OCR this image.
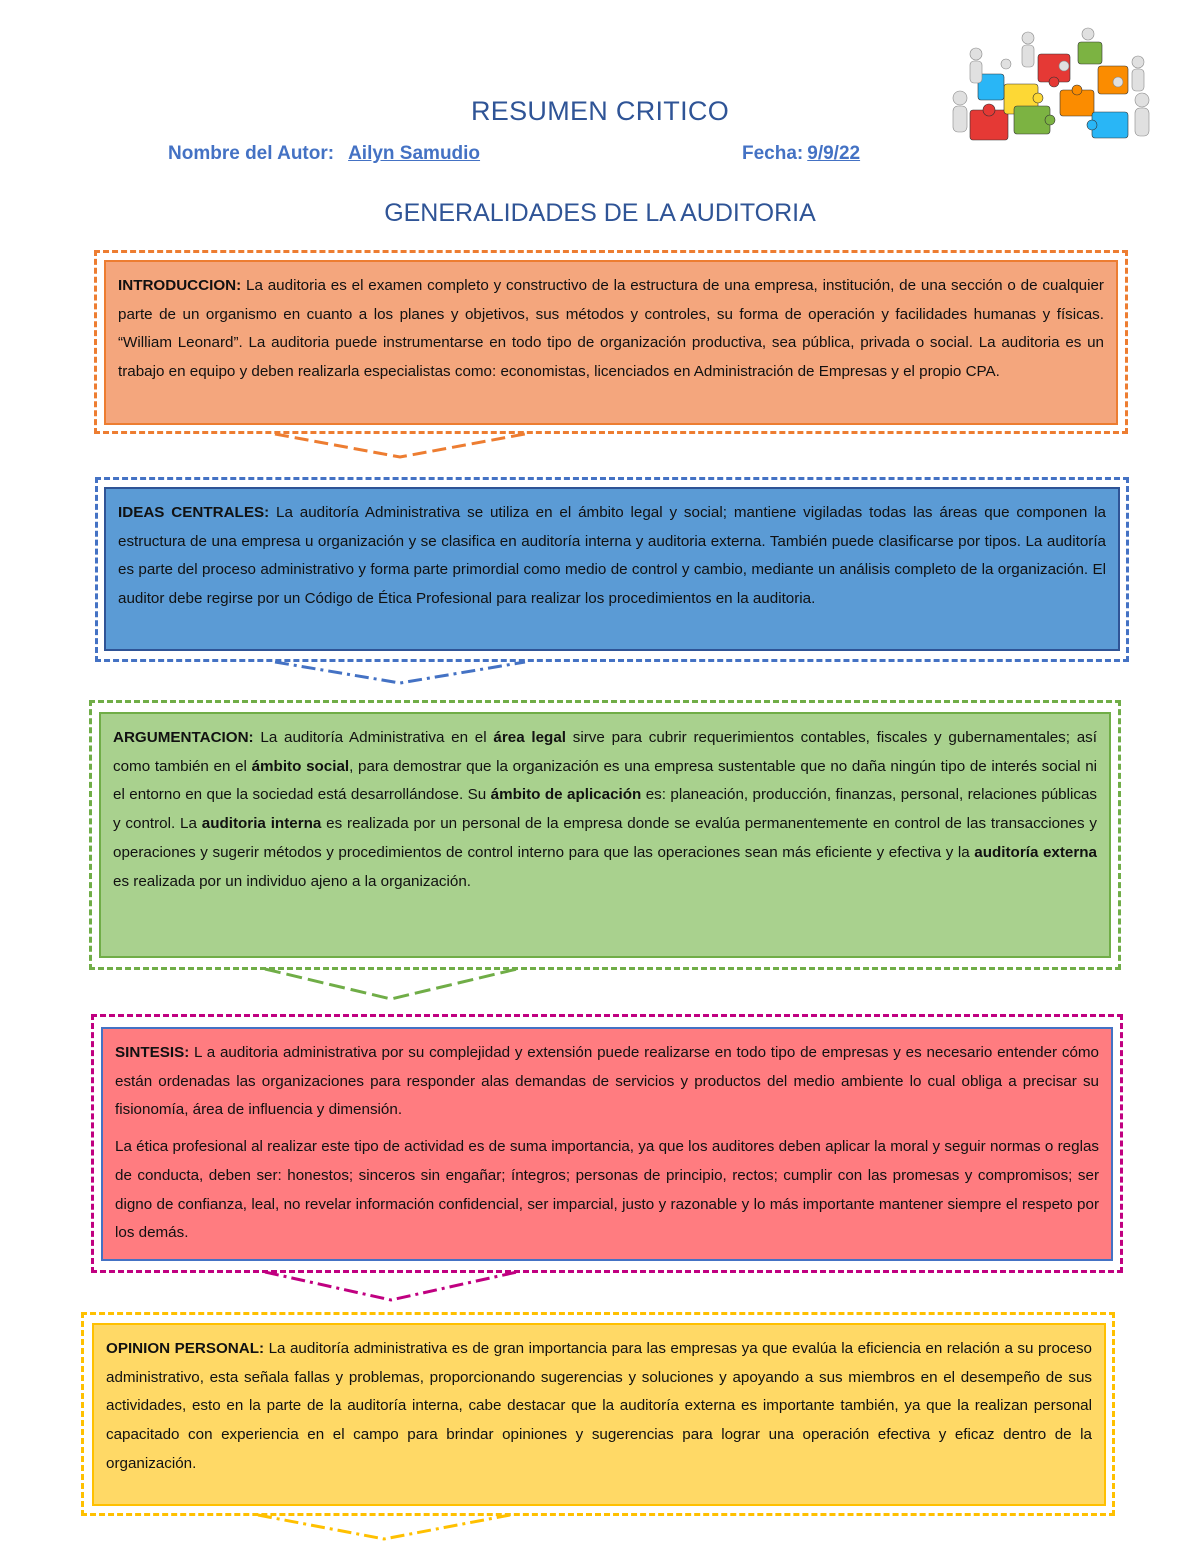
RESUMEN CRITICO
Nombre del Autor: Ailyn Samudio	Fecha: 9/9/22
GENERALIDADES DE LA AUDITORIA

INTRODUCCION: La auditoria es el examen completo y constructivo de la estructura de una empresa, institución, de una sección o de cualquier parte de un organismo en cuanto a los planes y objetivos, sus métodos y controles, su forma de operación y facilidades humanas y físicas. “William Leonard”. La auditoria puede instrumentarse en todo tipo de organización productiva, sea pública, privada o social. La auditoria es un trabajo en equipo y deben realizarla especialistas como: economistas, licenciados en Administración de Empresas y el propio CPA.

IDEAS CENTRALES: La auditoría Administrativa se utiliza en el ámbito legal y social; mantiene vigiladas todas las áreas que componen la estructura de una empresa u organización y se clasifica en auditoría interna y auditoria externa. También puede clasificarse por tipos. La auditoría es parte del proceso administrativo y forma parte primordial como medio de control y cambio, mediante un análisis completo de la organización. El auditor debe regirse por un Código de Ética Profesional para realizar los procedimientos en la auditoria.

ARGUMENTACION: La auditoría Administrativa en el área legal sirve para cubrir requerimientos contables, fiscales y gubernamentales; así como también en el ámbito social, para demostrar que la organización es una empresa sustentable que no daña ningún tipo de interés social ni el entorno en que la sociedad está desarrollándose. Su ámbito de aplicación es: planeación, producción, finanzas, personal, relaciones públicas y control. La auditoria interna es realizada por un personal de la empresa donde se evalúa permanentemente en control de las transacciones y operaciones y sugerir métodos y procedimientos de control interno para que las operaciones sean más eficiente y efectiva y la auditoría externa es realizada por un individuo ajeno a la organización.

SINTESIS: L a auditoria administrativa por su complejidad y extensión puede realizarse en todo tipo de empresas y es necesario entender cómo están ordenadas las organizaciones para responder alas demandas de servicios y productos del medio ambiente lo cual obliga a precisar su fisionomía, área de influencia y dimensión.

La ética profesional al realizar este tipo de actividad es de suma importancia, ya que los auditores deben aplicar la moral y seguir normas o reglas de conducta, deben ser: honestos; sinceros sin engañar; íntegros; personas de principio, rectos; cumplir con las promesas y compromisos; ser digno de confianza, leal, no revelar información confidencial, ser imparcial, justo y razonable y lo más importante mantener siempre el respeto por los demás.

OPINION PERSONAL: La auditoría administrativa es de gran importancia para las empresas ya que evalúa la eficiencia en relación a su proceso administrativo, esta señala fallas y problemas, proporcionando sugerencias y soluciones y apoyando a sus miembros en el desempeño de sus actividades, esto en la parte de la auditoría interna, cabe destacar que la auditoría externa es importante también, ya que la realizan personal capacitado con experiencia en el campo para brindar opiniones y sugerencias para lograr una operación efectiva y eficaz dentro de la organización.
